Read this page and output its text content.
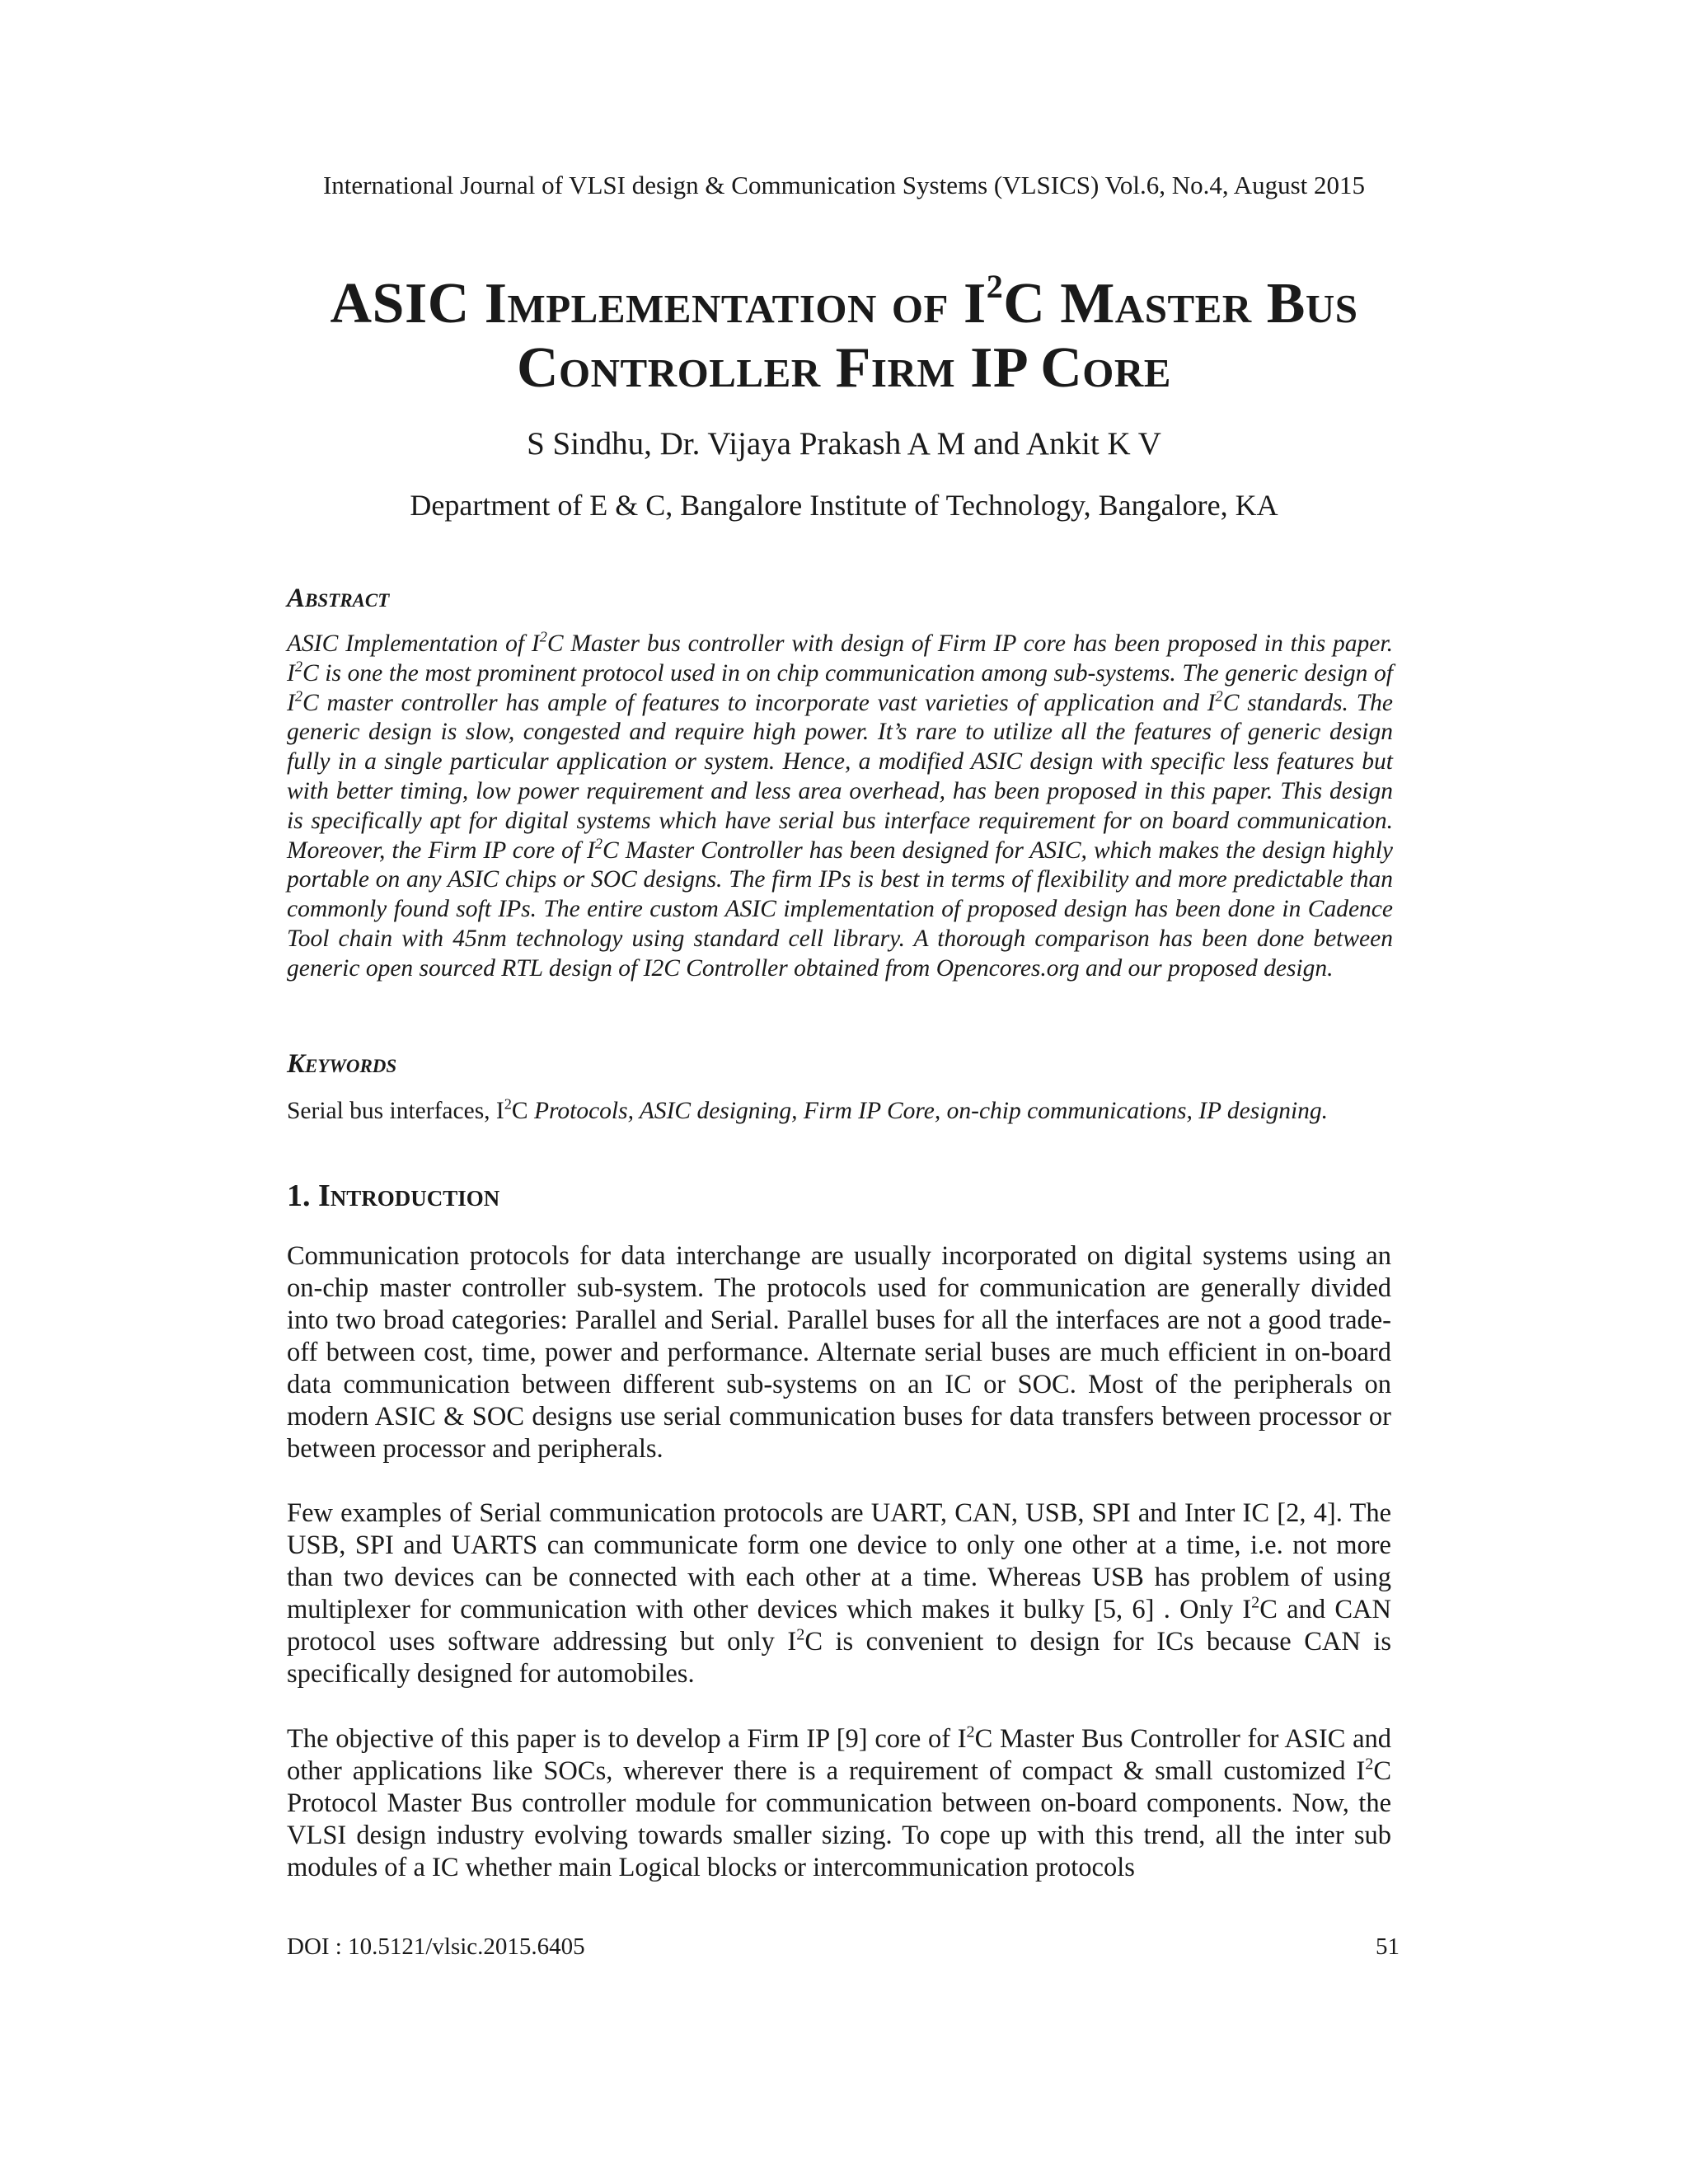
International Journal of VLSI design & Communication Systems (VLSICS) Vol.6, No.4, August 2015
ASIC Implementation of $I^2C$ Master Bus
Controller Firm IP Core
S Sindhu, Dr. Vijaya Prakash A M and Ankit K V
Department of E & C, Bangalore Institute of Technology, Bangalore, KA
Abstract
ASIC Implementation of $I^2C$ Master bus controller with design of Firm IP core has been proposed in this paper. $I^2C$ is one the most prominent protocol used in on chip communication among sub-systems. The generic design of $I^2C$ master controller has ample of features to incorporate vast varieties of application and $I^2C$ standards. The generic design is slow, congested and require high power. It’s rare to utilize all the features of generic design fully in a single particular application or system. Hence, a modified ASIC design with specific less features but with better timing, low power requirement and less area overhead, has been proposed in this paper. This design is specifically apt for digital systems which have serial bus interface requirement for on board communication. Moreover, the Firm IP core of $I^2C$ Master Controller has been designed for ASIC, which makes the design highly portable on any ASIC chips or SOC designs. The firm IPs is best in terms of flexibility and more predictable than commonly found soft IPs. The entire custom ASIC implementation of proposed design has been done in Cadence Tool chain with 45nm technology using standard cell library. A thorough comparison has been done between generic open sourced RTL design of I2C Controller obtained from Opencores.org and our proposed design.
Keywords
Serial bus interfaces, $I^2C$ Protocols, ASIC designing, Firm IP Core, on-chip communications, IP designing.
1. Introduction
Communication protocols for data interchange are usually incorporated on digital systems using an on-chip master controller sub-system. The protocols used for communication are generally divided into two broad categories: Parallel and Serial. Parallel buses for all the interfaces are not a good trade-off between cost, time, power and performance. Alternate serial buses are much efficient in on-board data communication between different sub-systems on an IC or SOC. Most of the peripherals on modern ASIC & SOC designs use serial communication buses for data transfers between processor or between processor and peripherals.
Few examples of Serial communication protocols are UART, CAN, USB, SPI and Inter IC [2, 4]. The USB, SPI and UARTS can communicate form one device to only one other at a time, i.e. not more than two devices can be connected with each other at a time. Whereas USB has problem of using multiplexer for communication with other devices which makes it bulky [5, 6] . Only $I^2C$ and CAN protocol uses software addressing but only $I^2C$ is convenient to design for ICs because CAN is specifically designed for automobiles.
The objective of this paper is to develop a Firm IP [9] core of $I^2C$ Master Bus Controller for ASIC and other applications like SOCs, wherever there is a requirement of compact & small customized $I^2C$ Protocol Master Bus controller module for communication between on-board components. Now, the VLSI design industry evolving towards smaller sizing. To cope up with this trend, all the inter sub modules of a IC whether main Logical blocks or intercommunication protocols
DOI : 10.5121/vlsic.2015.6405	51
